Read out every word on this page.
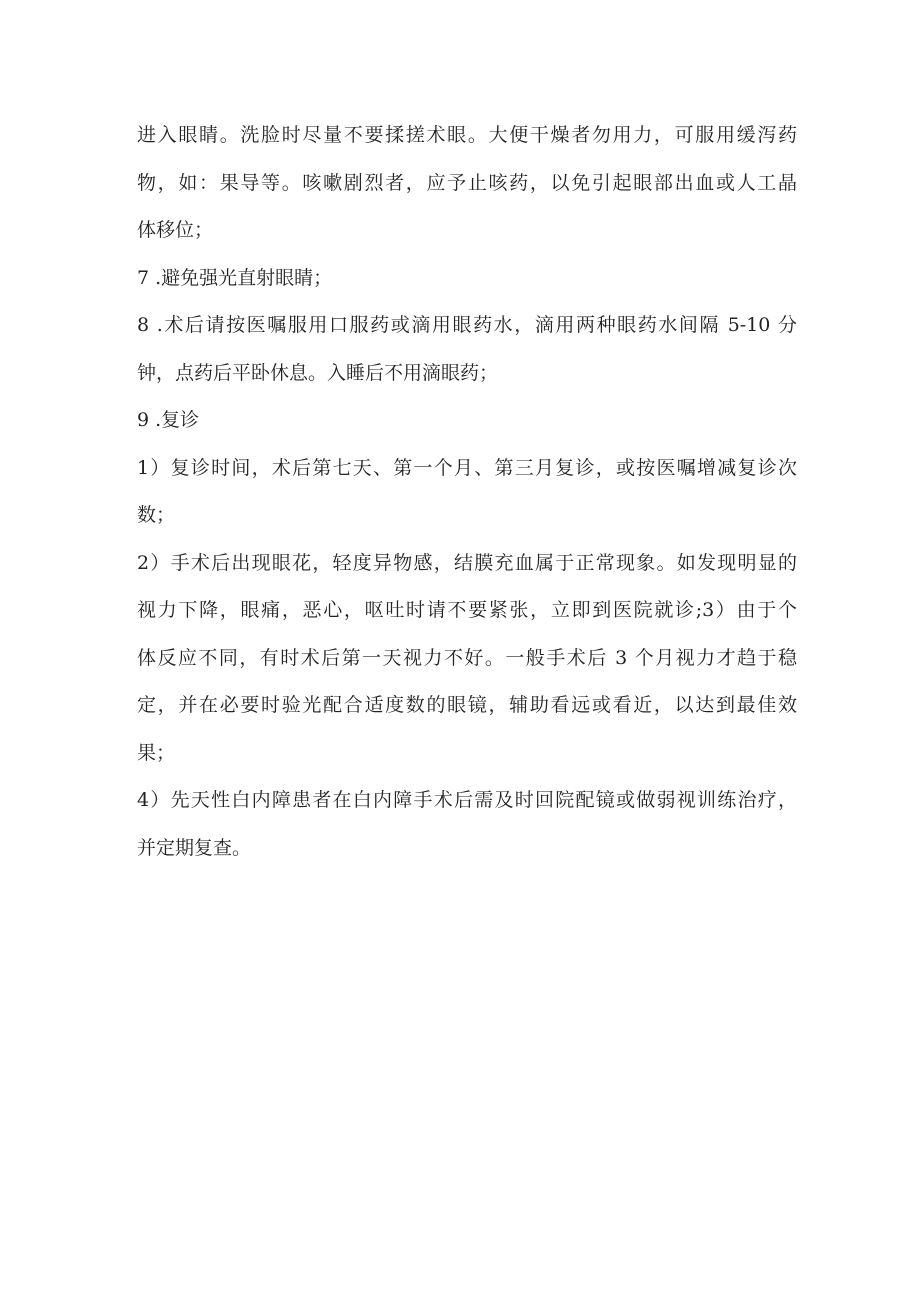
进入眼睛。洗脸时尽量不要揉搓术眼。大便干燥者勿用力，可服用缓泻药
物，如：果导等。咳嗽剧烈者，应予止咳药，以免引起眼部出血或人工晶
体移位；
7 .避免强光直射眼睛；
8 .术后请按医嘱服用口服药或滴用眼药水，滴用两种眼药水间隔 5-10 分
钟，点药后平卧休息。入睡后不用滴眼药；
9 .复诊
1）复诊时间，术后第七天、第一个月、第三月复诊，或按医嘱增减复诊次
数；
2）手术后出现眼花，轻度异物感，结膜充血属于正常现象。如发现明显的
视力下降，眼痛，恶心，呕吐时请不要紧张，立即到医院就诊;3）由于个
体反应不同，有时术后第一天视力不好。一般手术后 3 个月视力才趋于稳
定，并在必要时验光配合适度数的眼镜，辅助看远或看近，以达到最佳效
果；
4）先天性白内障患者在白内障手术后需及时回院配镜或做弱视训练治疗，
并定期复查。
